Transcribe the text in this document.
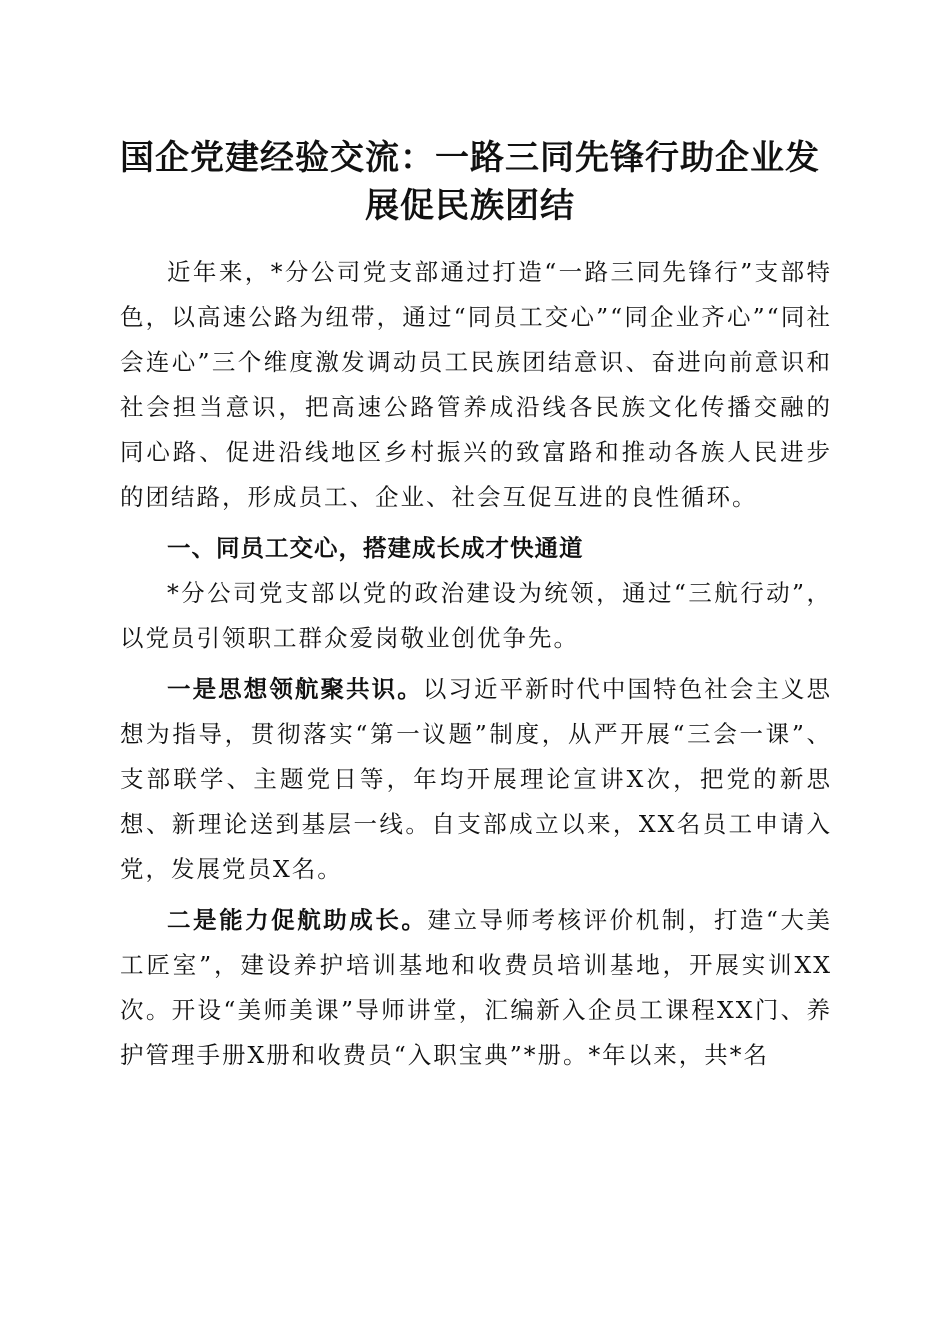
国企党建经验交流：一路三同先锋行助企业发
展促民族团结

近年来，*分公司党支部通过打造“一路三同先锋行”支部特色，以高速公路为纽带，通过“同员工交心”“同企业齐心”“同社会连心”三个维度激发调动员工民族团结意识、奋进向前意识和社会担当意识，把高速公路管养成沿线各民族文化传播交融的同心路、促进沿线地区乡村振兴的致富路和推动各族人民进步的团结路，形成员工、企业、社会互促互进的良性循环。

一、同员工交心，搭建成长成才快通道

*分公司党支部以党的政治建设为统领，通过“三航行动”，以党员引领职工群众爱岗敬业创优争先。

一是思想领航聚共识。以习近平新时代中国特色社会主义思想为指导，贯彻落实“第一议题”制度，从严开展“三会一课”、支部联学、主题党日等，年均开展理论宣讲X次，把党的新思想、新理论送到基层一线。自支部成立以来，XX名员工申请入党，发展党员X名。

二是能力促航助成长。建立导师考核评价机制，打造“大美工匠室”，建设养护培训基地和收费员培训基地，开展实训XX次。开设“美师美课”导师讲堂，汇编新入企员工课程XX门、养护管理手册X册和收费员“入职宝典”*册。*年以来，共*名
